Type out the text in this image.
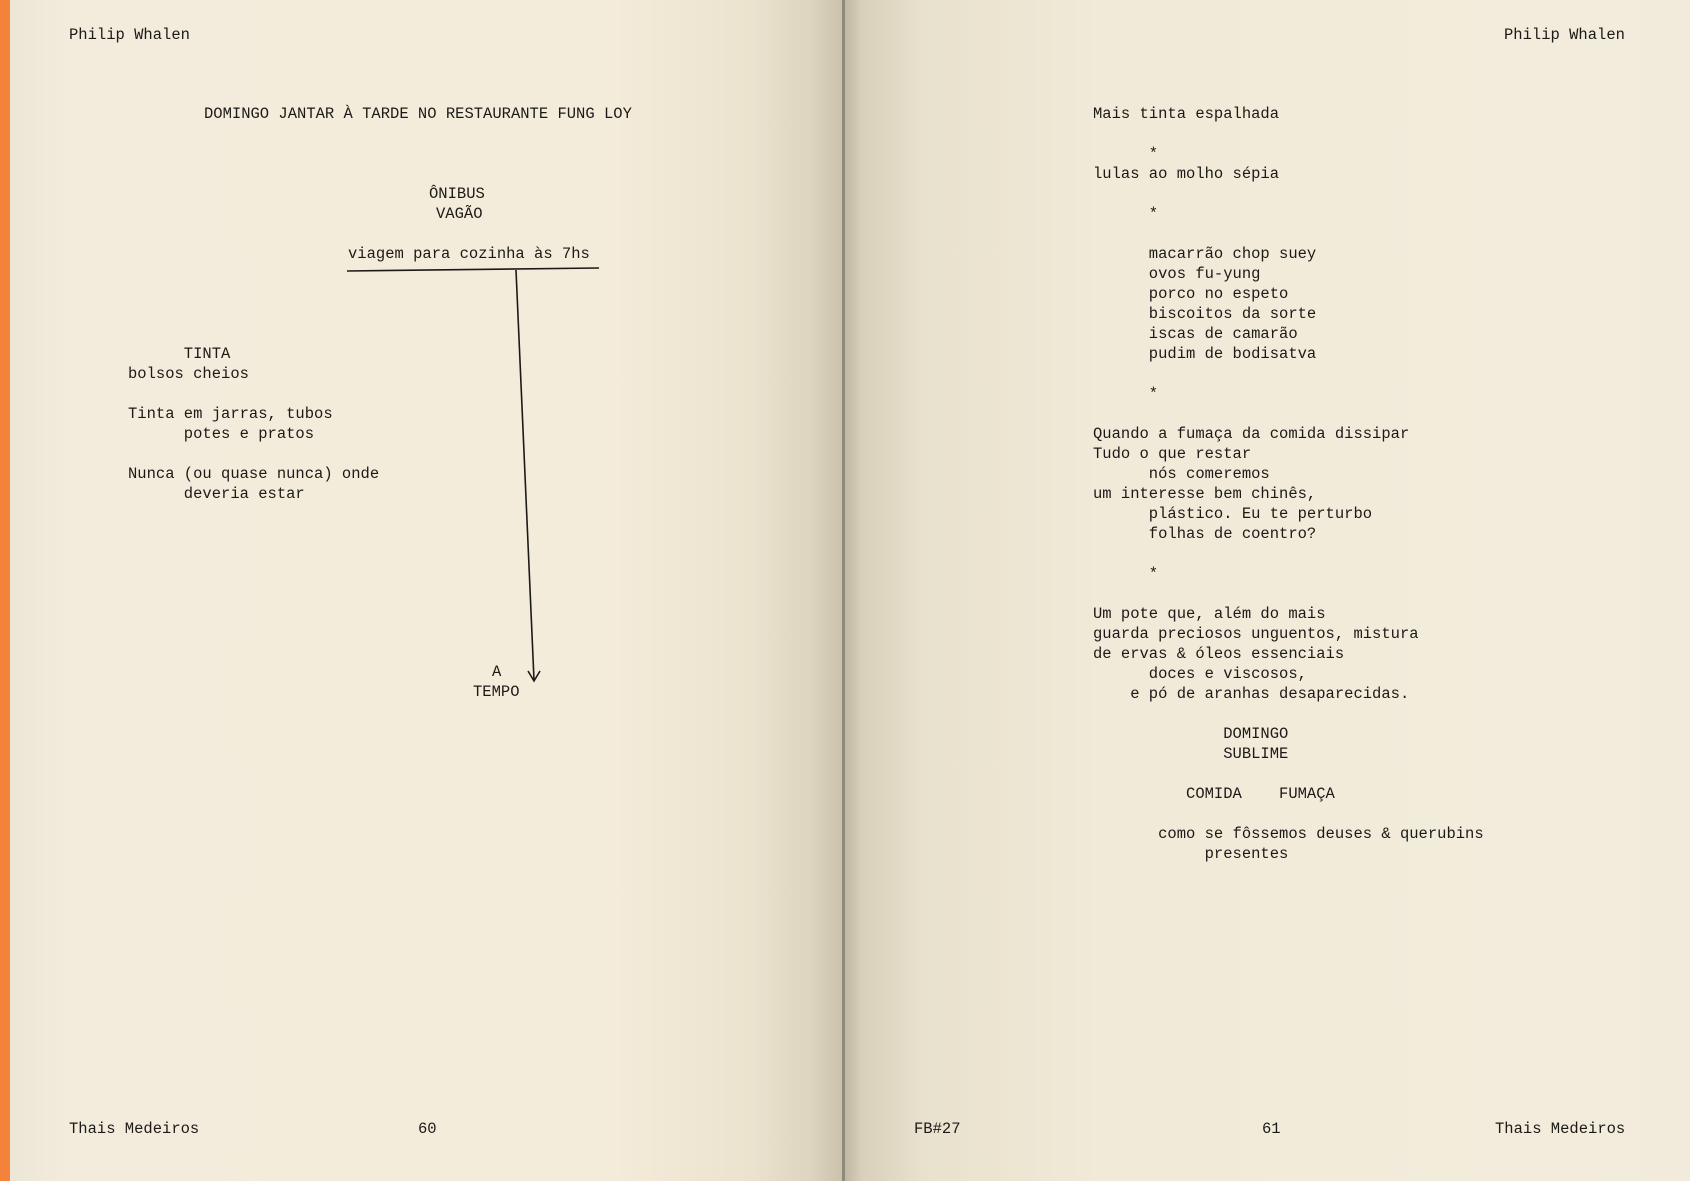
Philip Whalen
DOMINGO JANTAR À TARDE NO RESTAURANTE FUNG LOY
ÔNIBUS
VAGÃO
viagem para cozinha às 7hs
TINTA
bolsos cheios
Tinta em jarras, tubos
potes e pratos
Nunca (ou quase nunca) onde
deveria estar
A
TEMPO
Thais Medeiros	60
Philip Whalen
Mais tinta espalhada
*
lulas ao molho sépia
*
macarrão chop suey
ovos fu-yung
porco no espeto
biscoitos da sorte
iscas de camarão
pudim de bodisatva
*
Quando a fumaça da comida dissipar
Tudo o que restar
nós comeremos
um interesse bem chinês,
plástico. Eu te perturbo
folhas de coentro?
*
Um pote que, além do mais
guarda preciosos unguentos, mistura
de ervas & óleos essenciais
doces e viscosos,
e pó de aranhas desaparecidas.
DOMINGO
SUBLIME
COMIDA    FUMAÇA
como se fôssemos deuses & querubins
presentes
FB#27	61	Thais Medeiros
